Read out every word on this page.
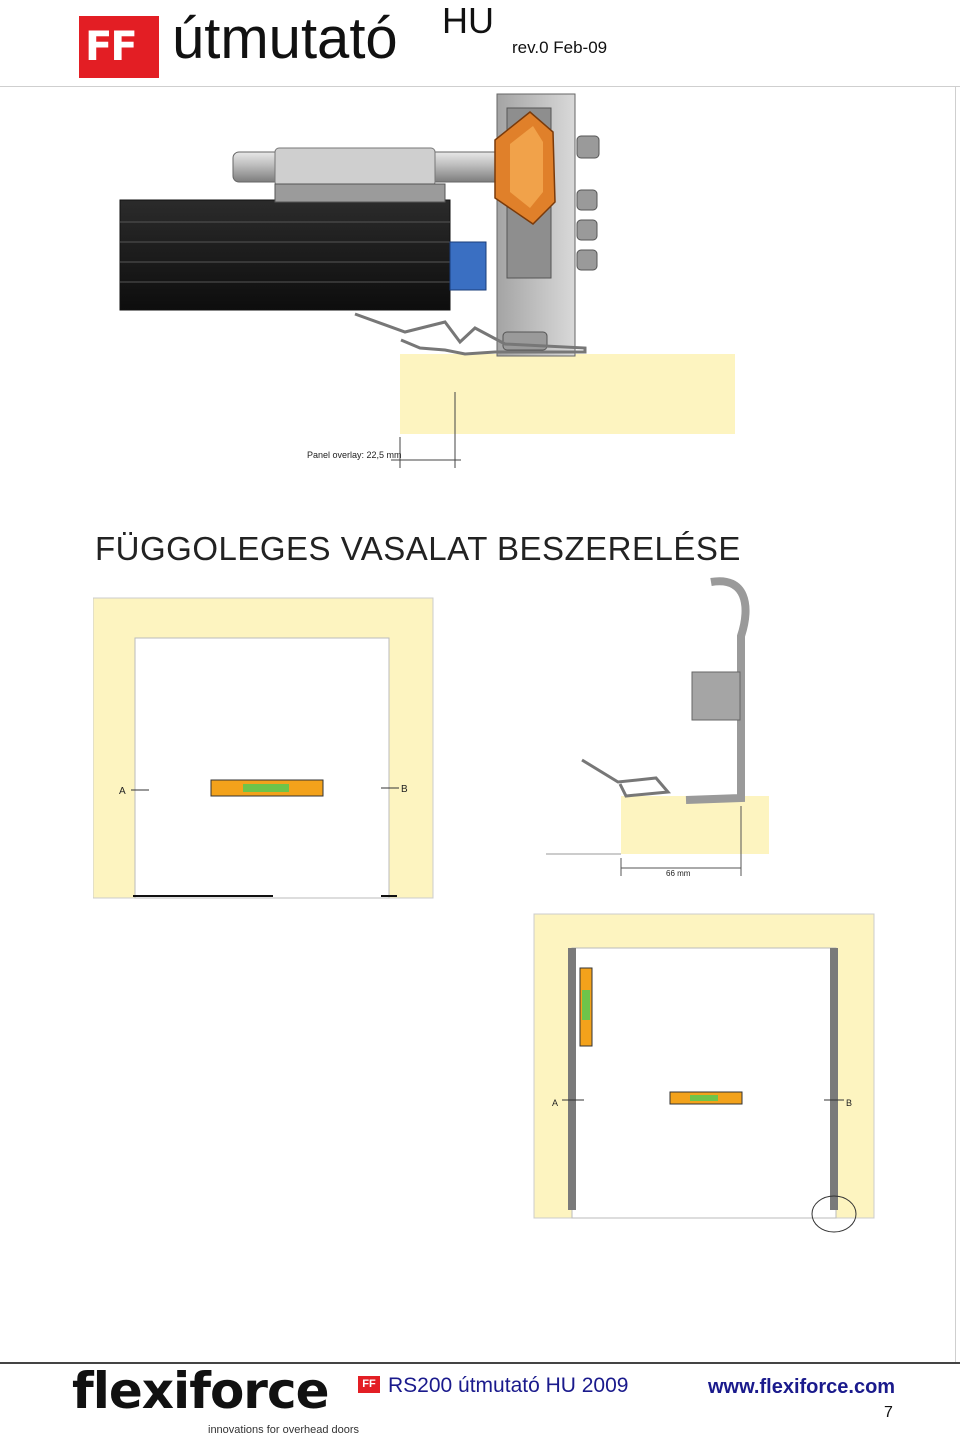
FF útmutató HU
rev.0 Feb-09
Panel overlay: 22,5 mm
FÜGGOLEGES VASALAT BESZERELÉSE
A	B
66 mm
A	B
flexiforce	FF
innovations for overhead doors
RS200 útmutató HU 2009	www.flexiforce.com
7
